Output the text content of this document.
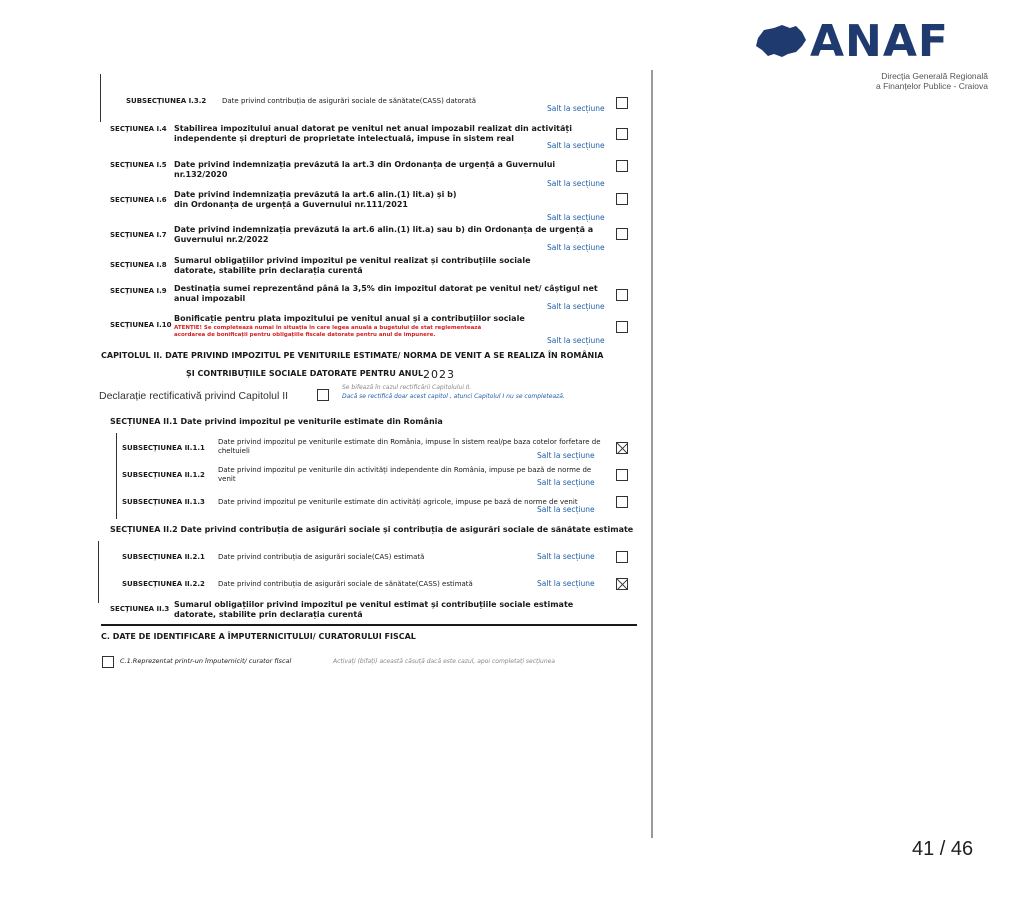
ANAF
Direcția Generală Regională
a Finanțelor Publice - Craiova
41 / 46
SUBSECȚIUNEA I.3.2 Date privind contribuția de asigurări sociale de sănătate(CASS) datorată
Salt la secțiune
SECȚIUNEA I.4 Stabilirea impozitului anual datorat pe venitul net anual impozabil realizat din activități independente și drepturi de proprietate intelectuală, impuse în sistem real
Salt la secțiune
SECȚIUNEA I.5 Date privind indemnizația prevăzută la art.3 din Ordonanța de urgență a Guvernului nr.132/2020
Salt la secțiune
SECȚIUNEA I.6
Date privind indemnizația prevăzută la art.6 alin.(1) lit.a) și b) din Ordonanța de urgență a Guvernului nr.111/2021
Salt la secțiune
SECȚIUNEA I.7
Date privind indemnizația prevăzută la art.6 alin.(1) lit.a) sau b) din Ordonanța de urgență a Guvernului nr.2/2022
Salt la secțiune
SECȚIUNEA I.8 Sumarul obligațiilor privind impozitul pe venitul realizat și contribuțiile sociale datorate, stabilite prin declarația curentă
SECȚIUNEA I.9 Destinația sumei reprezentând până la 3,5% din impozitul datorat pe venitul net/ câștigul net anual impozabil
Salt la secțiune
SECȚIUNEA I.10
Bonificație pentru plata impozitului pe venitul anual și a contribuțiilor sociale
ATENȚIE! Se completează numai în situația în care legea anuală a bugetului de stat reglementează acordarea de bonificații pentru obligațiile fiscale datorate pentru anul de impunere.
Salt la secțiune
CAPITOLUL II. DATE PRIVIND IMPOZITUL PE VENITURILE ESTIMATE/ NORMA DE VENIT A SE REALIZA ÎN ROMÂNIA
ȘI CONTRIBUȚIILE SOCIALE DATORATE PENTRU ANUL 2023
Declarație rectificativă privind Capitolul II
Se bifează în cazul rectificării Capitolului II.
Dacă se rectifică doar acest capitol , atunci Capitolul I nu se completează.
SECȚIUNEA II.1 Date privind impozitul pe veniturile estimate din România
SUBSECȚIUNEA II.1.1
Date privind impozitul pe veniturile estimate din România, impuse în sistem real/pe baza cotelor forfetare de cheltuieli	Salt la secțiune
SUBSECȚIUNEA II.1.2
Date privind impozitul pe veniturile din activități independente din România, impuse pe bază de norme de venit	Salt la secțiune
SUBSECȚIUNEA II.1.3 Date privind impozitul pe veniturile estimate din activități agricole, impuse pe bază de norme de venit
Salt la secțiune
SECȚIUNEA II.2 Date privind contribuția de asigurări sociale și contribuția de asigurări sociale de sănătate estimate
SUBSECȚIUNEA II.2.1 Date privind contribuția de asigurări sociale(CAS) estimată	Salt la secțiune
SUBSECȚIUNEA II.2.2 Date privind contribuția de asigurări sociale de sănătate(CASS) estimată	Salt la secțiune
SECȚIUNEA II.3 Sumarul obligațiilor privind impozitul pe venitul estimat și contribuțiile sociale estimate datorate, stabilite prin declarația curentă
C. DATE DE IDENTIFICARE A ÎMPUTERNICITULUI/ CURATORULUI FISCAL
C.1.Reprezentat printr-un împuternicit/ curator fiscal	Activați (bifați) această căsuță dacă este cazul, apoi completați secțiunea
